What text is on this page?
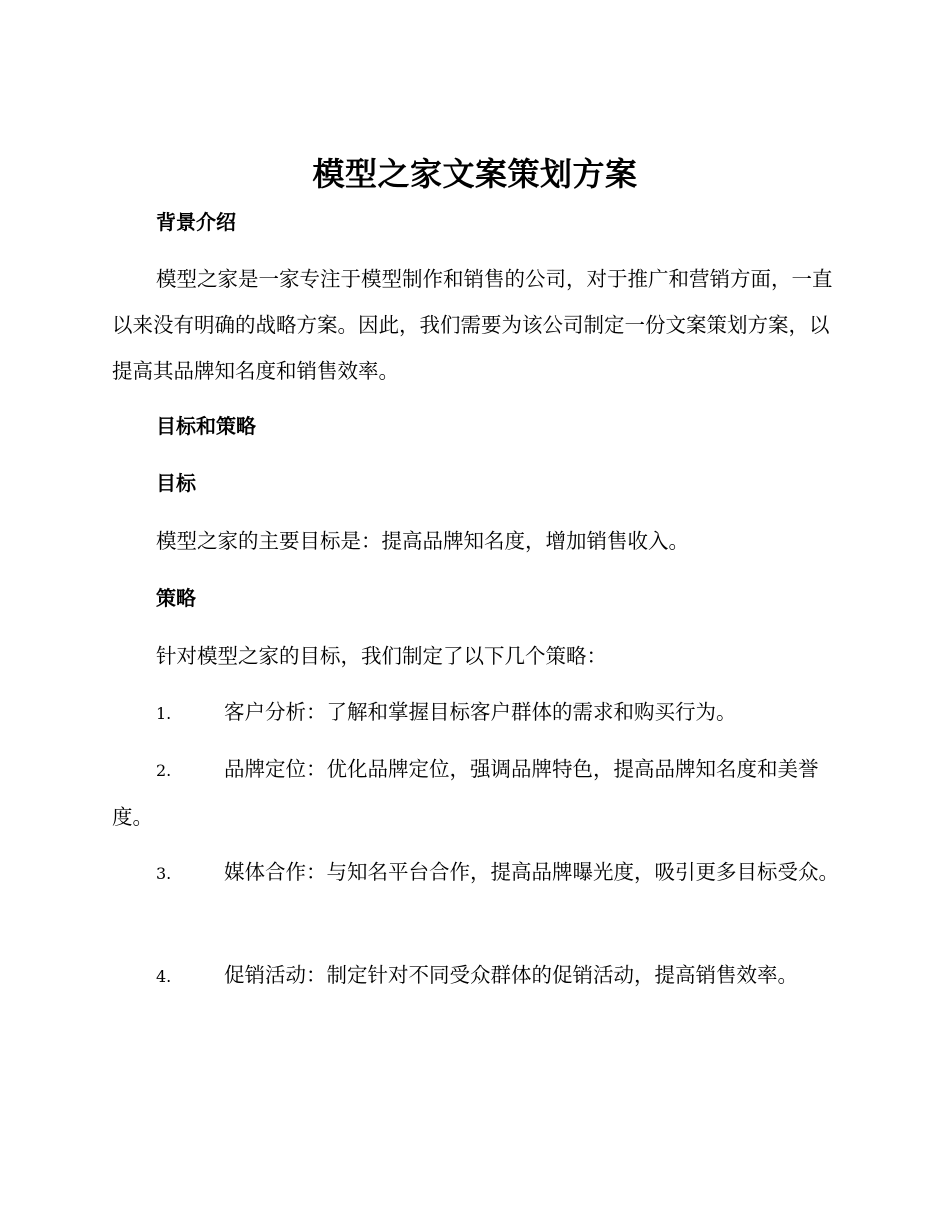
模型之家文案策划方案
背景介绍

模型之家是一家专注于模型制作和销售的公司，对于推广和营销方面，一直以来没有明确的战略方案。因此，我们需要为该公司制定一份文案策划方案，以提高其品牌知名度和销售效率。

目标和策略
目标
模型之家的主要目标是：提高品牌知名度，增加销售收入。
策略
针对模型之家的目标，我们制定了以下几个策略：

1.	客户分析：了解和掌握目标客户群体的需求和购买行为。

2.	品牌定位：优化品牌定位，强调品牌特色，提高品牌知名度和美誉度。

3.	媒体合作：与知名平台合作，提高品牌曝光度，吸引更多目标受众。

4.	促销活动：制定针对不同受众群体的促销活动，提高销售效率。
